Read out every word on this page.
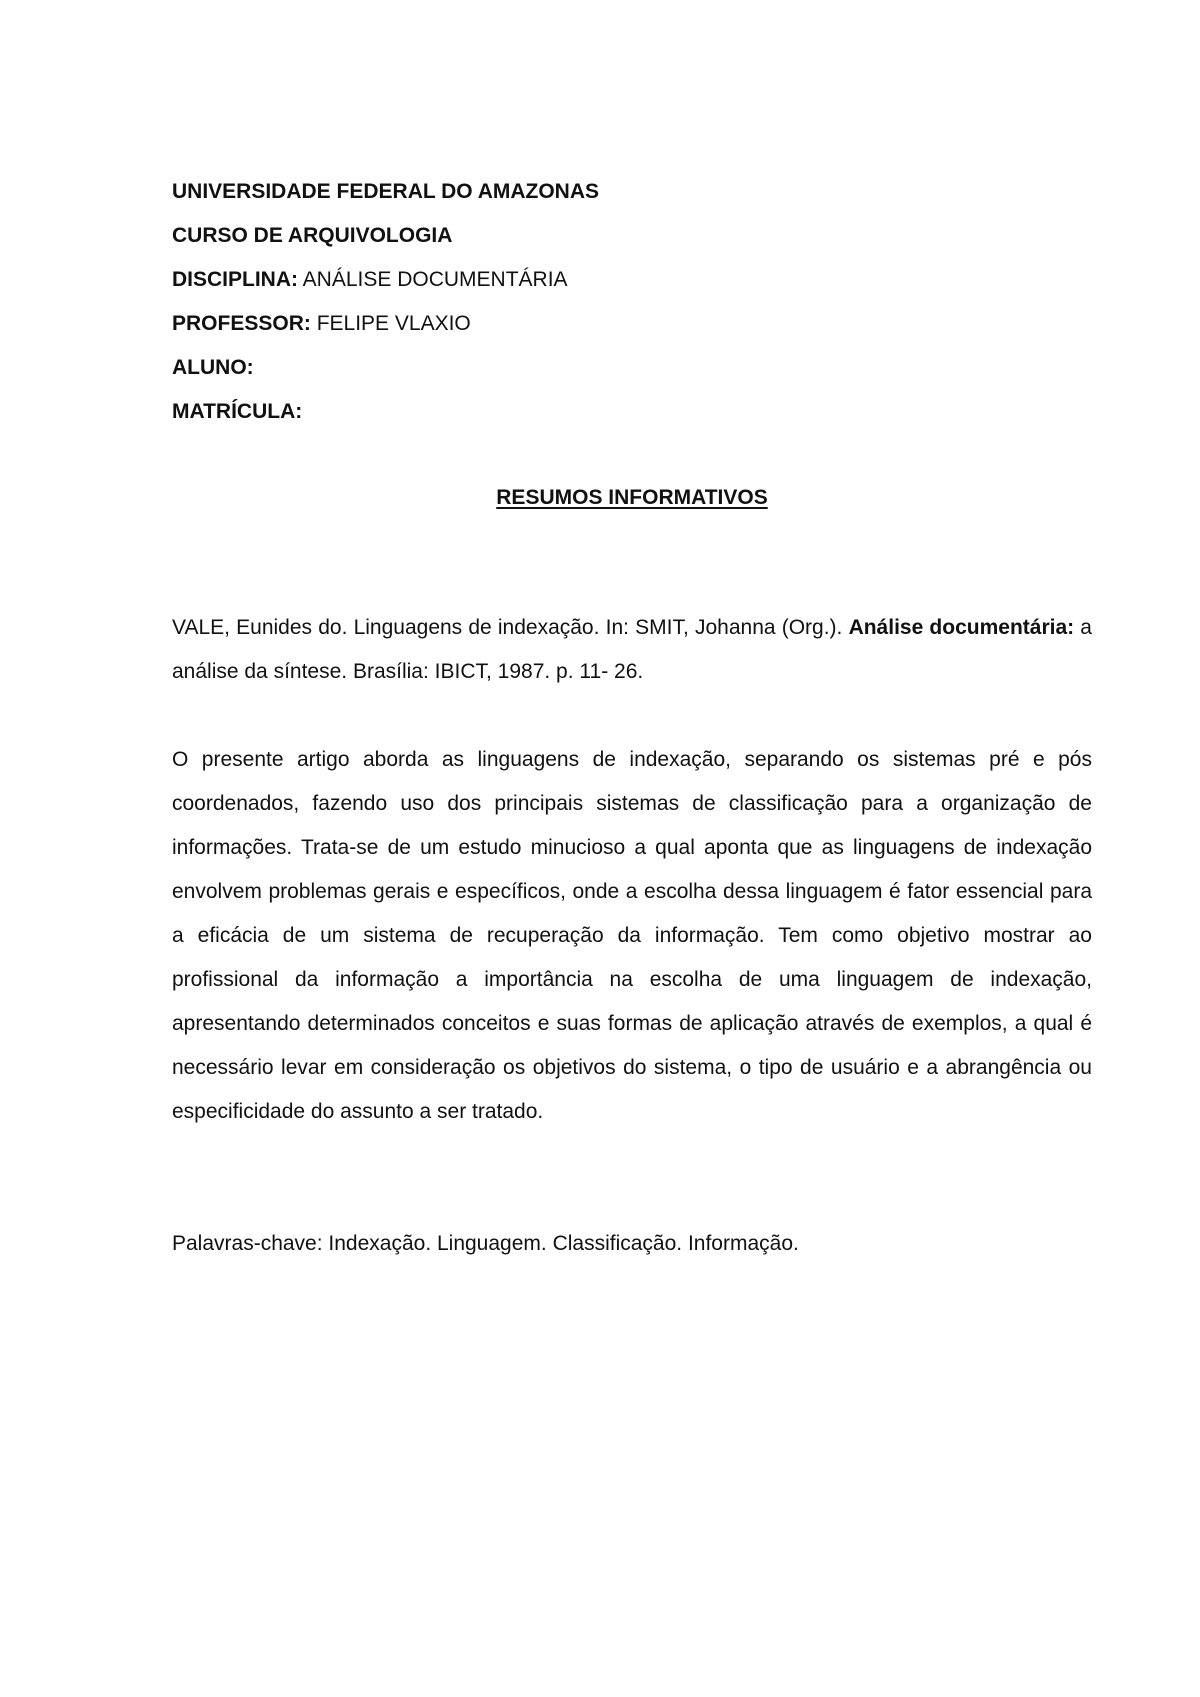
UNIVERSIDADE FEDERAL DO AMAZONAS
CURSO DE ARQUIVOLOGIA
DISCIPLINA: ANÁLISE DOCUMENTÁRIA
PROFESSOR: FELIPE VLAXIO
ALUNO:
MATRÍCULA:
RESUMOS INFORMATIVOS
VALE, Eunides do. Linguagens de indexação. In: SMIT, Johanna (Org.). Análise documentária: a análise da síntese. Brasília: IBICT, 1987. p. 11- 26.
O presente artigo aborda as linguagens de indexação, separando os sistemas pré e pós coordenados, fazendo uso dos principais sistemas de classificação para a organização de informações. Trata-se de um estudo minucioso a qual aponta que as linguagens de indexação envolvem problemas gerais e específicos, onde a escolha dessa linguagem é fator essencial para a eficácia de um sistema de recuperação da informação. Tem como objetivo mostrar ao profissional da informação a importância na escolha de uma linguagem de indexação, apresentando determinados conceitos e suas formas de aplicação através de exemplos, a qual é necessário levar em consideração os objetivos do sistema, o tipo de usuário e a abrangência ou especificidade do assunto a ser tratado.
Palavras-chave: Indexação. Linguagem. Classificação. Informação.
